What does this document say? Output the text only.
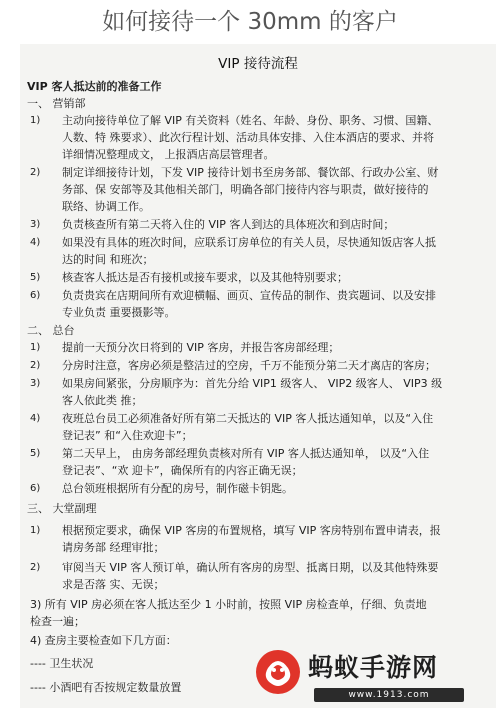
如何接待一个 30mm 的客户
VIP 接待流程
VIP 客人抵达前的准备工作
一、 营销部
1) 主动向接待单位了解 VIP 有关资料（姓名、年龄、身份、职务、习惯、国籍、
人数、特 殊要求）、此次行程计划、活动具体安排、入住本酒店的要求、并将
详细情况整理成文， 上报酒店高层管理者。
2) 制定详细接待计划，下发 VIP 接待计划书至房务部、餐饮部、行政办公室、财
务部、保 安部等及其他相关部门，明确各部门接待内容与职责，做好接待的
联络、协调工作。
3) 负责核查所有第二天将入住的 VIP 客人到达的具体班次和到店时间；
4) 如果没有具体的班次时间，应联系订房单位的有关人员，尽快通知饭店客人抵
达的时间 和班次；
5) 核查客人抵达是否有接机或接车要求，以及其他特别要求；
6) 负责贵宾在店期间所有欢迎横幅、画页、宣传品的制作、贵宾题词、以及安排
专业负责 重要摄影等。
二、 总台
1) 提前一天预分次日将到的 VIP 客房，并报告客房部经理；
2) 分房时注意，客房必须是整洁过的空房，千万不能预分第二天才离店的客房；
3) 如果房间紧张，分房顺序为：首先分给 VIP1 级客人、 VIP2 级客人、 VIP3 级
客人依此类 推；
4) 夜班总台员工必须准备好所有第二天抵达的 VIP 客人抵达通知单，以及“入住
登记表” 和“入住欢迎卡”；
5) 第二天早上， 由房务部经理负责核对所有 VIP 客人抵达通知单， 以及“入住
登记表”、“欢 迎卡”，确保所有的内容正确无误；
6) 总台领班根据所有分配的房号，制作磁卡钥匙。
三、 大堂副理
1) 根据预定要求，确保 VIP 客房的布置规格，填写 VIP 客房特别布置申请表，报
请房务部 经理审批；
2) 审阅当天 VIP 客人预订单，确认所有客房的房型、抵离日期，以及其他特殊要
求是否落 实、无误；
3) 所有 VIP 房必须在客人抵达至少 1 小时前，按照 VIP 房检查单，仔细、负责地
检查一遍；
4) 查房主要检查如下几方面：
---- 卫生状况
---- 小酒吧有否按规定数量放置
蚂蚁手游网
www.1913.com
